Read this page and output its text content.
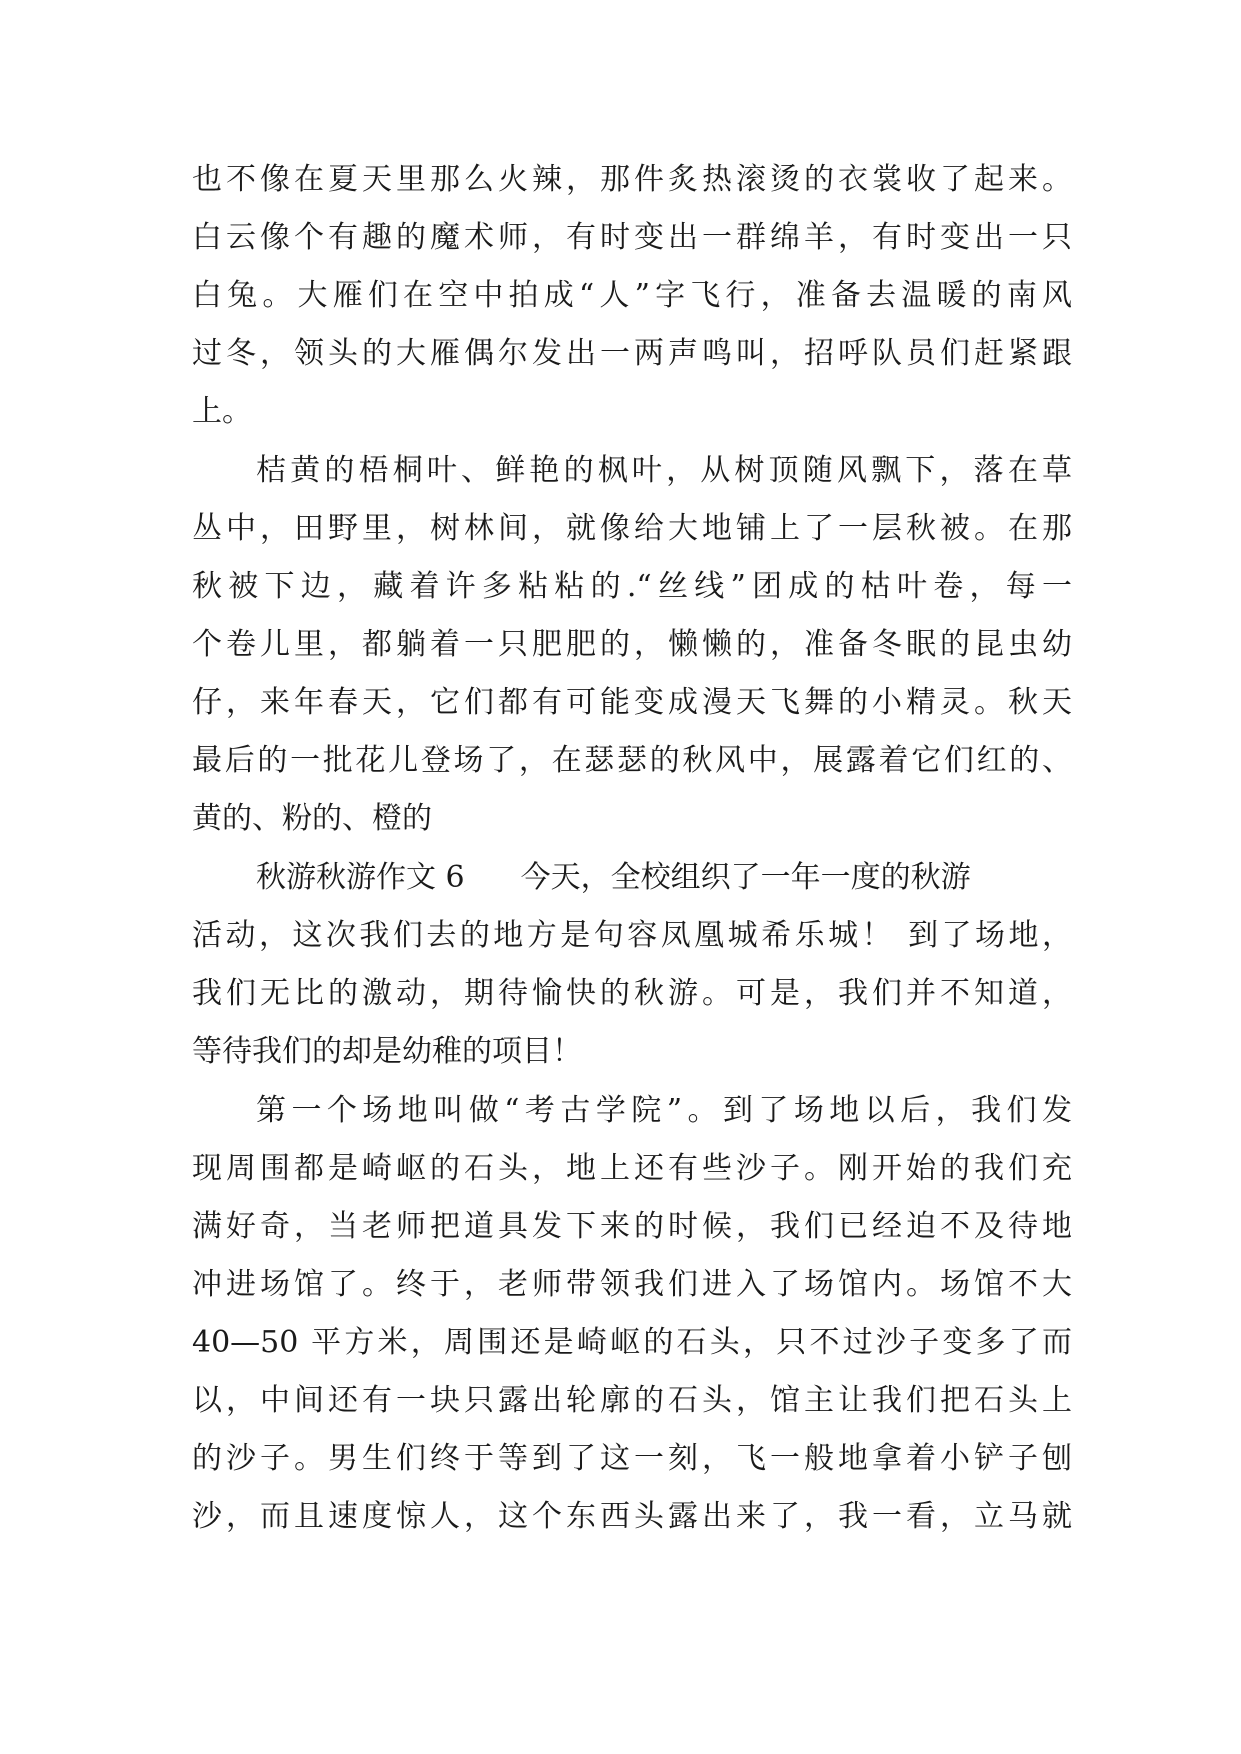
也不像在夏天里那么火辣，那件炙热滚烫的衣裳收了起来。
白云像个有趣的魔术师，有时变出一群绵羊，有时变出一只
白兔。大雁们在空中拍成“人”字飞行，准备去温暖的南风
过冬，领头的大雁偶尔发出一两声鸣叫，招呼队员们赶紧跟
上。
桔黄的梧桐叶、鲜艳的枫叶，从树顶随风飘下，落在草
丛中，田野里，树林间，就像给大地铺上了一层秋被。在那
秋被下边，藏着许多粘粘的.“丝线”团成的枯叶卷，每一
个卷儿里，都躺着一只肥肥的，懒懒的，准备冬眠的昆虫幼
仔，来年春天，它们都有可能变成漫天飞舞的小精灵。秋天
最后的一批花儿登场了，在瑟瑟的秋风中，展露着它们红的、
黄的、粉的、橙的
秋游秋游作文 6 今天，全校组织了一年一度的秋游
活动，这次我们去的地方是句容凤凰城希乐城！ 到了场地，
我们无比的激动，期待愉快的秋游。可是，我们并不知道，
等待我们的却是幼稚的项目！
第一个场地叫做“考古学院”。到了场地以后，我们发
现周围都是崎岖的石头，地上还有些沙子。刚开始的我们充
满好奇，当老师把道具发下来的时候，我们已经迫不及待地
冲进场馆了。终于，老师带领我们进入了场馆内。场馆不大
40—50 平方米，周围还是崎岖的石头，只不过沙子变多了而
以，中间还有一块只露出轮廓的石头，馆主让我们把石头上
的沙子。男生们终于等到了这一刻，飞一般地拿着小铲子刨
沙，而且速度惊人，这个东西头露出来了，我一看，立马就
